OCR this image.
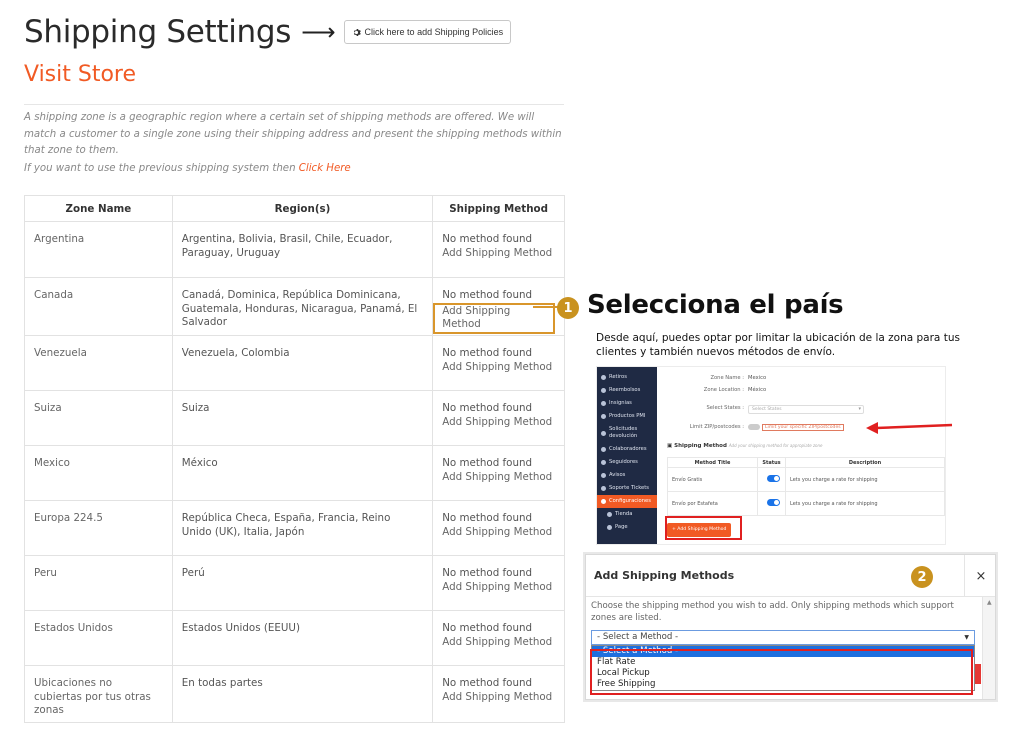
Shipping Settings ⟶	Click here to add Shipping Policies
Visit Store

A shipping zone is a geographic region where a certain set of shipping methods are offered. We will match a customer to a single zone using their shipping address and present the shipping methods within that zone to them.

If you want to use the previous shipping system then Click Here

Zone Name	Region(s)	Shipping Method
Argentina	Argentina, Bolivia, Brasil, Chile, Ecuador, Paraguay, Uruguay	No method found
Add Shipping Method

Canada	Canadá, Dominica, República Dominicana, Guatemala, Honduras, Nicaragua, Panamá, El Salvador	No method found
Add Shipping Method
Venezuela	Venezuela, Colombia	No method found
Add Shipping Method

Suiza	Suiza	No method found
Add Shipping Method

Mexico	México	No method found
Add Shipping Method

Europa 224.5	República Checa, España, Francia, Reino Unido (UK), Italia, Japón	No method found
Add Shipping Method

Peru	Perú	No method found
Add Shipping Method

Estados Unidos	Estados Unidos (EEUU)	No method found
Add Shipping Method

Ubicaciones no cubiertas por tus otras zonas	En todas partes	No method found
Add Shipping Method
1 Selecciona el país
Desde aquí, puedes optar por limitar la ubicación de la zona para tus clientes y también nuevos métodos de envío.
Retiros
Reembolsos
Insignias
Productos PMI
Solicitudes devolución
Colaboradores
Seguidores
Avisos
Soporte Tickets
Configuraciones
Tienda
Page
Zone Name : Mexico
Zone Location : México
Select States :	Select States ▾
Limit ZIP/postcodes :	Limit your specific ZIP/postcodes
▣ Shipping Method Add your shipping method for appropiate zone
Method Title	Status	Description
Envío Gratis		Lets you charge a rate for shipping
Envío por Estafeta		Lets you charge a rate for shipping
+ Add Shipping Method
Add Shipping Methods	2	×
Choose the shipping method you wish to add. Only shipping methods which support zones are listed.
▲
- Select a Method -	▼
- Select a Method -
Flat Rate
Local Pickup
Free Shipping
